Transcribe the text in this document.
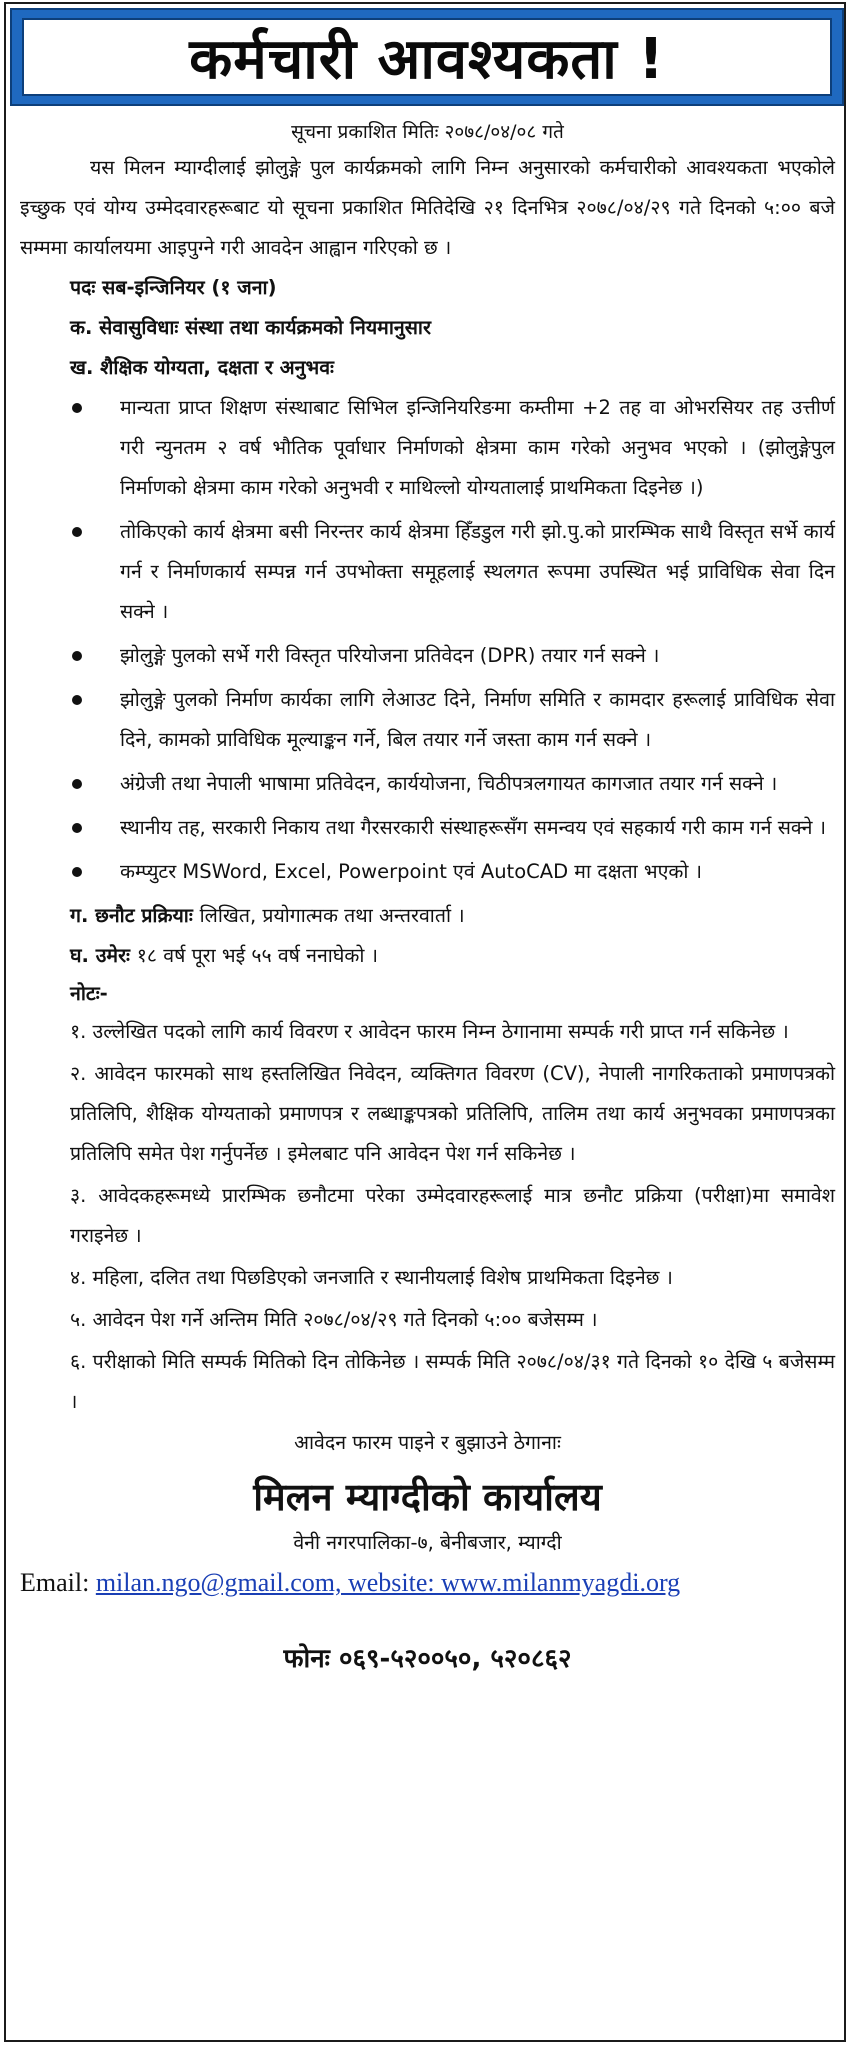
कर्मचारी आवश्यकता !
सूचना प्रकाशित मितिः २०७८/०४/०८ गते
यस मिलन म्याग्दीलाई झोलुङ्गे पुल कार्यक्रमको लागि निम्न अनुसारको कर्मचारीको आवश्यकता भएकोले इच्छुक एवं योग्य उम्मेदवारहरूबाट यो सूचना प्रकाशित मितिदेखि २१ दिनभित्र २०७८/०४/२९ गते दिनको ५:०० बजे सम्ममा कार्यालयमा आइपुग्ने गरी आवदेन आह्वान गरिएको छ ।
पदः सब-इन्जिनियर (१ जना)
क. सेवासुविधाः संस्था तथा कार्यक्रमको नियमानुसार
ख. शैक्षिक योग्यता, दक्षता र अनुभवः
मान्यता प्राप्त शिक्षण संस्थाबाट सिभिल इन्जिनियरिङमा कम्तीमा +2 तह वा ओभरसियर तह उत्तीर्ण गरी न्युनतम २ वर्ष भौतिक पूर्वाधार निर्माणको क्षेत्रमा काम गरेको अनुभव भएको । (झोलुङ्गेपुल निर्माणको क्षेत्रमा काम गरेको अनुभवी र माथिल्लो योग्यतालाई प्राथमिकता दिइनेछ ।)
तोकिएको कार्य क्षेत्रमा बसी निरन्तर कार्य क्षेत्रमा हिँडडुल गरी झो.पु.को प्रारम्भिक साथै विस्तृत सर्भे कार्य गर्न र निर्माणकार्य सम्पन्न गर्न उपभोक्ता समूहलाई स्थलगत रूपमा उपस्थित भई प्राविधिक सेवा दिन सक्ने ।
झोलुङ्गे पुलको सर्भे गरी विस्तृत परियोजना प्रतिवेदन (DPR) तयार गर्न सक्ने ।
झोलुङ्गे पुलको निर्माण कार्यका लागि लेआउट दिने, निर्माण समिति र कामदार हरूलाई प्राविधिक सेवा दिने, कामको प्राविधिक मूल्याङ्कन गर्ने, बिल तयार गर्ने जस्ता काम गर्न सक्ने ।
अंग्रेजी तथा नेपाली भाषामा प्रतिवेदन, कार्ययोजना, चिठीपत्रलगायत कागजात तयार गर्न सक्ने ।
स्थानीय तह, सरकारी निकाय तथा गैरसरकारी संस्थाहरूसँग समन्वय एवं सहकार्य गरी काम गर्न सक्ने ।
कम्प्युटर MSWord, Excel, Powerpoint एवं AutoCAD मा दक्षता भएको ।
ग. छनौट प्रक्रियाः लिखित, प्रयोगात्मक तथा अन्तरवार्ता ।
घ. उमेरः १८ वर्ष पूरा भई ५५ वर्ष ननाघेको ।
नोटः-
१. उल्लेखित पदको लागि कार्य विवरण र आवेदन फारम निम्न ठेगानामा सम्पर्क गरी प्राप्त गर्न सकिनेछ ।
२. आवेदन फारमको साथ हस्तलिखित निवेदन, व्यक्तिगत विवरण (CV), नेपाली नागरिकताको प्रमाणपत्रको प्रतिलिपि, शैक्षिक योग्यताको प्रमाणपत्र र लब्धाङ्कपत्रको प्रतिलिपि, तालिम तथा कार्य अनुभवका प्रमाणपत्रका प्रतिलिपि समेत पेश गर्नुपर्नेछ । इमेलबाट पनि आवेदन पेश गर्न सकिनेछ ।
३. आवेदकहरूमध्ये प्रारम्भिक छनौटमा परेका उम्मेदवारहरूलाई मात्र छनौट प्रक्रिया (परीक्षा)मा समावेश गराइनेछ ।
४. महिला, दलित तथा पिछडिएको जनजाति र स्थानीयलाई विशेष प्राथमिकता दिइनेछ ।
५. आवेदन पेश गर्ने अन्तिम मिति २०७८/०४/२९ गते दिनको ५:०० बजेसम्म ।
६. परीक्षाको मिति सम्पर्क मितिको दिन तोकिनेछ । सम्पर्क मिति २०७८/०४/३१ गते दिनको १० देखि ५ बजेसम्म ।
आवेदन फारम पाइने र बुझाउने ठेगानाः
मिलन म्याग्दीको कार्यालय
वेनी नगरपालिका-७, बेनीबजार, म्याग्दी
Email: milan.ngo@gmail.com, website: www.milanmyagdi.org
फोनः ०६९-५२००५०, ५२०८६२
